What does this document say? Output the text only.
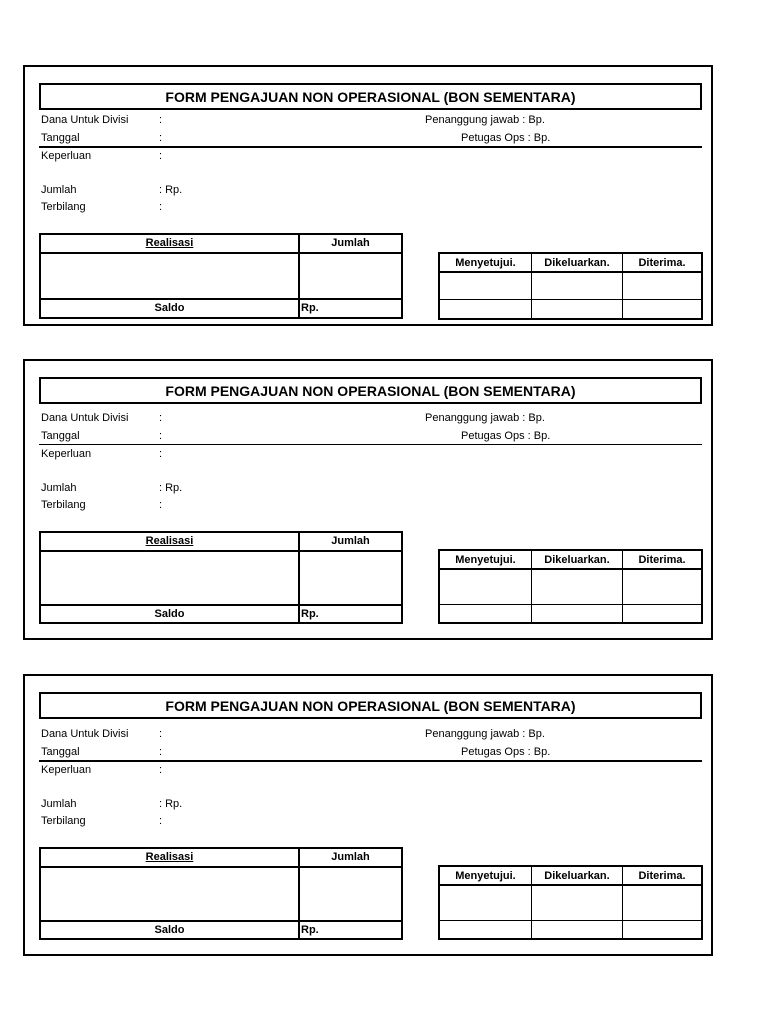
FORM PENGAJUAN NON OPERASIONAL (BON SEMENTARA)
Dana Untuk Divisi	:	Penanggung jawab : Bp.
Tanggal	:	Petugas Ops : Bp.
Keperluan	:
Jumlah	: Rp.
Terbilang	:
Realisasi	Jumlah
Saldo	Rp.
Menyetujui.	Dikeluarkan.	Diterima.
FORM PENGAJUAN NON OPERASIONAL (BON SEMENTARA)
Dana Untuk Divisi	:	Penanggung jawab : Bp.
Tanggal	:	Petugas Ops : Bp.
Keperluan	:
Jumlah	: Rp.
Terbilang	:
Realisasi	Jumlah
Saldo	Rp.
Menyetujui.	Dikeluarkan.	Diterima.
FORM PENGAJUAN NON OPERASIONAL (BON SEMENTARA)
Dana Untuk Divisi	:	Penanggung jawab : Bp.
Tanggal	:	Petugas Ops : Bp.
Keperluan	:
Jumlah	: Rp.
Terbilang	:
Realisasi	Jumlah
Saldo	Rp.
Menyetujui.	Dikeluarkan.	Diterima.
